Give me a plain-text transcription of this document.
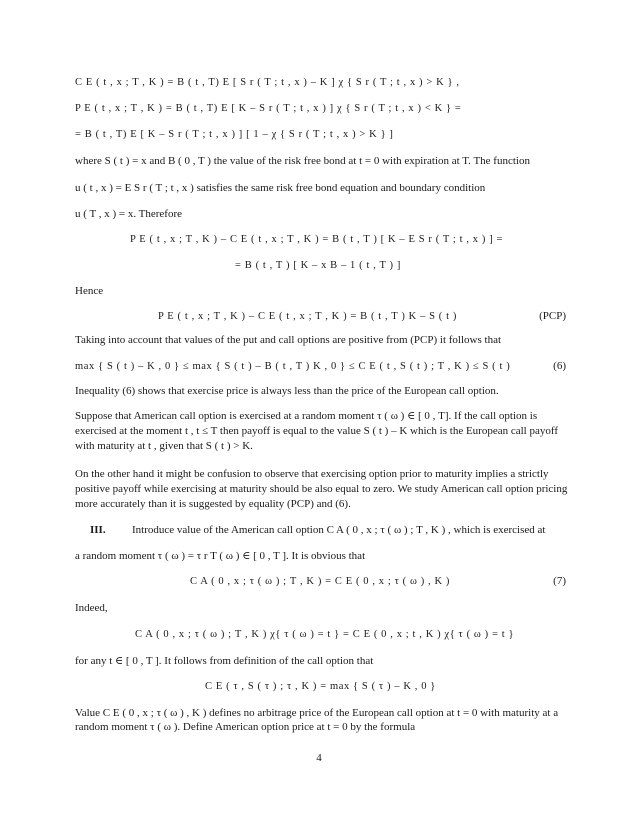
C E ( t , x ; T , K ) = B ( t , T) E [ S r ( T ; t , x ) – K ] χ { S r ( T ; t , x ) > K } ,
P E ( t , x ; T , K ) = B ( t , T) E [ K – S r ( T ; t , x ) ] χ { S r ( T ; t , x ) < K } =
= B ( t , T) E [ K – S r ( T ; t , x ) ] [ 1 – χ { S r ( T ; t , x ) > K } ]
where S ( t ) = x and B ( 0 , T ) the value of the risk free bond at t = 0 with expiration at T. The function
u ( t , x ) = E S r ( T ; t , x ) satisfies the same risk free bond equation and boundary condition
u ( T , x ) = x. Therefore
P E ( t , x ; T , K ) – C E ( t , x ; T , K ) = B ( t , T ) [ K – E S r ( T ; t , x ) ] =
= B ( t , T ) [ K – x B – 1 ( t , T ) ]
Hence
P E ( t , x ; T , K ) – C E ( t , x ; T , K ) = B ( t , T ) K – S ( t )	(PCP)
Taking into account that values of the put and call options are positive from (PCP) it follows that
max { S ( t ) – K , 0 } ≤ max { S ( t ) – B ( t , T ) K , 0 } ≤ C E ( t , S ( t ) ; T , K ) ≤ S ( t )	(6)
Inequality (6) shows that exercise price is always less than the price of the European call option.
Suppose that American call option is exercised at a random moment τ ( ω ) ∈ [ 0 , T]. If the call option is exercised at the moment t , t ≤ T then payoff is equal to the value S ( t ) – K which is the European call payoff with maturity at t , given that S ( t ) > K.
On the other hand it might be confusion to observe that exercising option prior to maturity implies a strictly positive payoff while exercising at maturity should be also equal to zero. We study American call option pricing more accurately than it is suggested by equality (PCP) and (6).
III. Introduce value of the American call option C A ( 0 , x ; τ ( ω ) ; T , K ) , which is exercised at
a random moment τ ( ω ) = τ r T ( ω ) ∈ [ 0 , T ]. It is obvious that
C A ( 0 , x ; τ ( ω ) ; T , K ) = C E ( 0 , x ; τ ( ω ) , K )	(7)
Indeed,
C A ( 0 , x ; τ ( ω ) ; T , K ) χ{ τ ( ω ) = t } = C E ( 0 , x ; t , K ) χ{ τ ( ω ) = t }
for any t ∈ [ 0 , T ]. It follows from definition of the call option that
C E ( τ , S ( τ ) ; τ , K ) = max { S ( τ ) – K , 0 }
Value C E ( 0 , x ; τ ( ω ) , K ) defines no arbitrage price of the European call option at t = 0 with maturity at a random moment τ ( ω ). Define American option price at t = 0 by the formula
4
